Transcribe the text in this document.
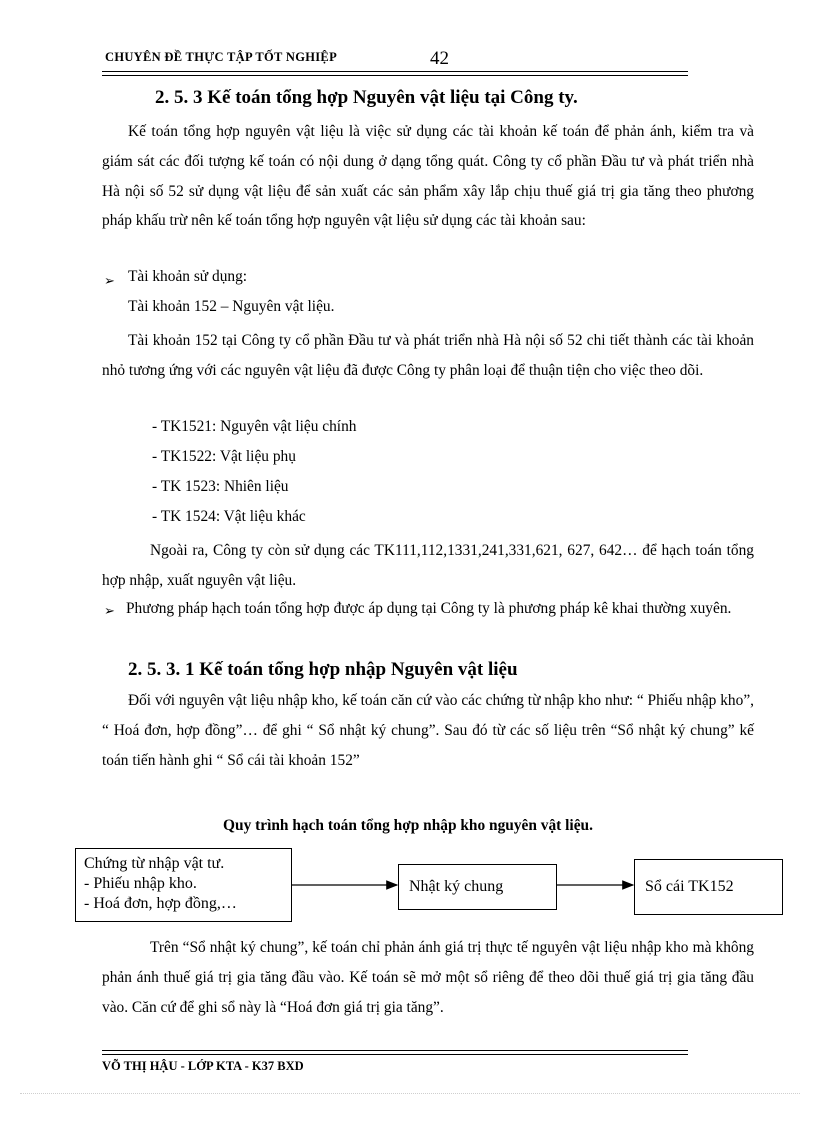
CHUYÊN ĐỀ THỰC TẬP TỐT NGHIỆP	42
2. 5. 3 Kế toán tổng hợp Nguyên vật liệu tại Công ty.

Kế toán tổng hợp nguyên vật liệu là việc sử dụng các tài khoản kế toán để phản ánh, kiểm tra và giám sát các đối tượng kế toán có nội dung ở dạng tổng quát. Công ty cổ phần Đầu tư và phát triển nhà Hà nội số 52 sử dụng vật liệu để sản xuất các sản phẩm xây lắp chịu thuế giá trị gia tăng theo phương pháp khấu trừ nên kế toán tổng hợp nguyên vật liệu sử dụng các tài khoản sau:

➢ Tài khoản sử dụng:
Tài khoản 152 – Nguyên vật liệu.

Tài khoản 152 tại Công ty cổ phần Đầu tư và phát triển nhà Hà nội số 52 chi tiết thành các tài khoản nhỏ tương ứng với các nguyên vật liệu đã được Công ty phân loại để thuận tiện cho việc theo dõi.

- TK1521: Nguyên vật liệu chính
- TK1522: Vật liệu phụ
- TK 1523: Nhiên liệu
- TK 1524: Vật liệu khác

Ngoài ra, Công ty còn sử dụng các TK111,112,1331,241,331,621, 627, 642… để hạch toán tổng hợp nhập, xuất nguyên vật liệu.

➢ Phương pháp hạch toán tổng hợp được áp dụng tại Công ty là phương pháp kê khai thường xuyên.

2. 5. 3. 1 Kế toán tổng hợp nhập Nguyên vật liệu

Đối với nguyên vật liệu nhập kho, kế toán căn cứ vào các chứng từ nhập kho như: “ Phiếu nhập kho”, “ Hoá đơn, hợp đồng”… để ghi “ Sổ nhật ký chung”. Sau đó từ các số liệu trên “Sổ nhật ký chung” kế toán tiến hành ghi “ Sổ cái tài khoản 152”

Quy trình hạch toán tổng hợp nhập kho nguyên vật liệu.
Chứng từ nhập vật tư.
- Phiếu nhập kho.
- Hoá đơn, hợp đồng,…
Nhật ký chung	Sổ cái TK152

Trên “Sổ nhật ký chung”, kế toán chỉ phản ánh giá trị thực tế nguyên vật liệu nhập kho mà không phản ánh thuế giá trị gia tăng đầu vào. Kế toán sẽ mở một sổ riêng để theo dõi thuế giá trị gia tăng đầu vào. Căn cứ để ghi sổ này là “Hoá đơn giá trị gia tăng”.

VÕ THỊ HẬU - LỚP KTA - K37 BXD
